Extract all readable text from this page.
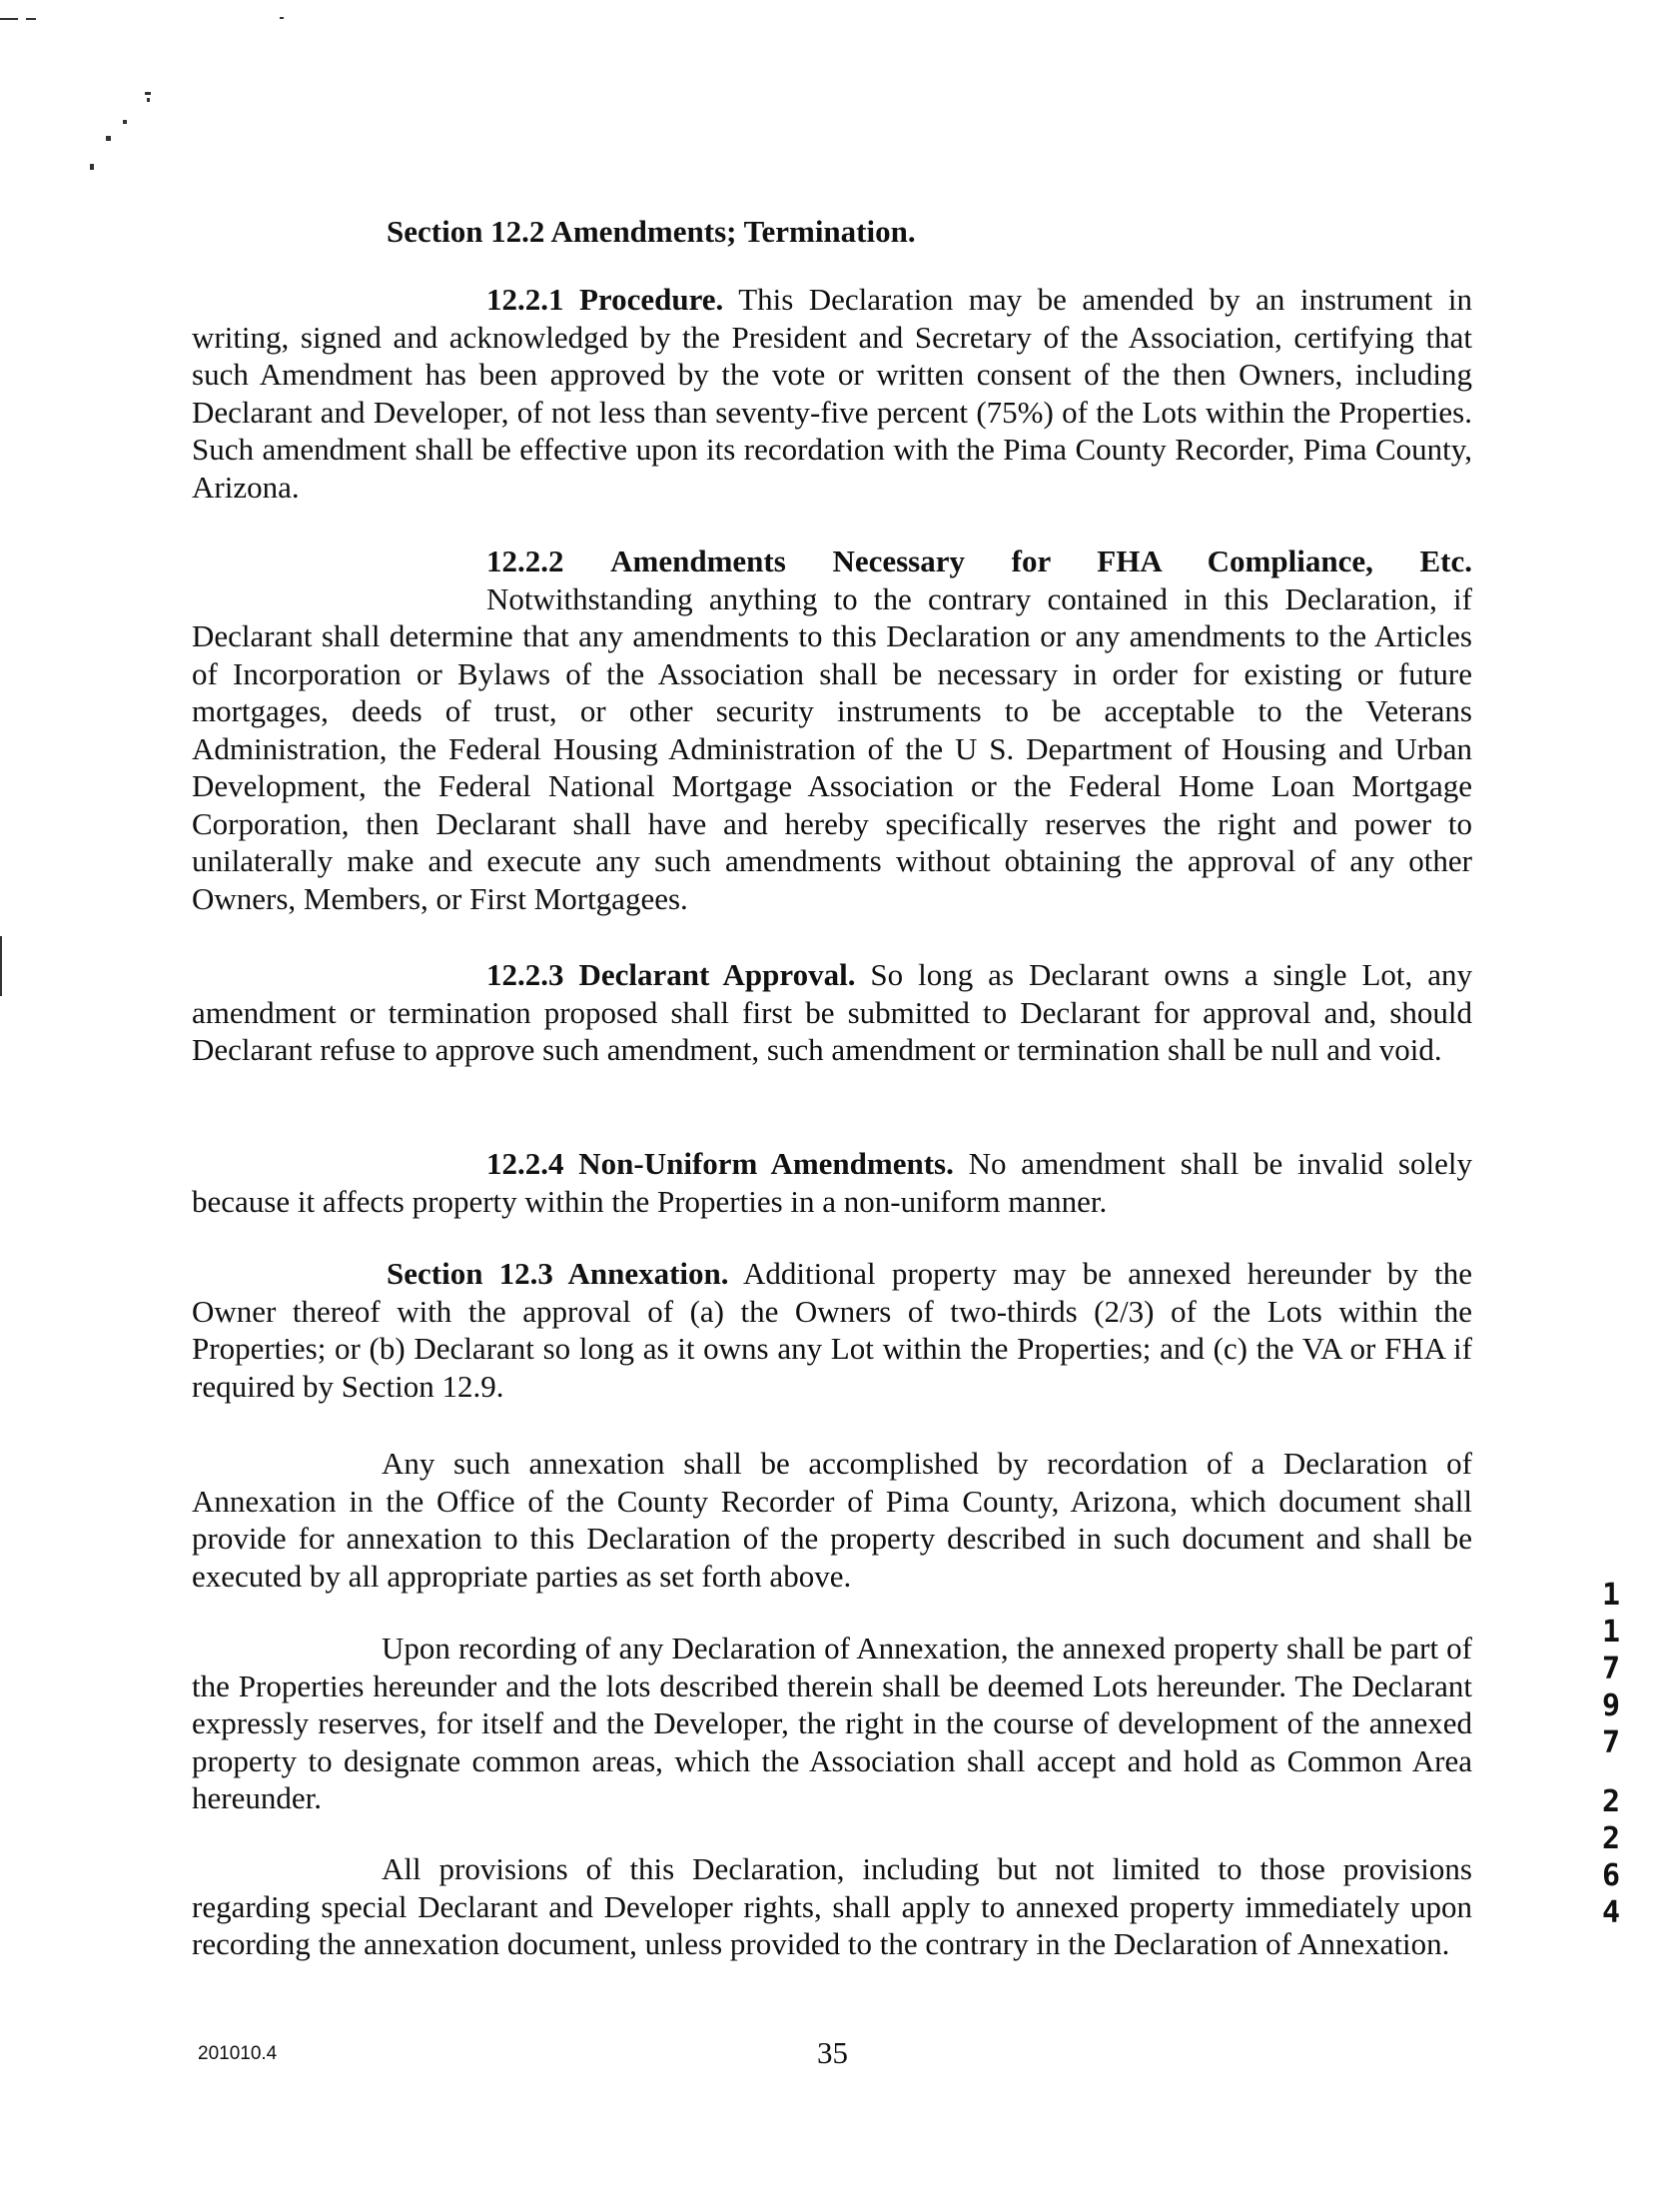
Section 12.2 Amendments; Termination.

12.2.1 Procedure. This Declaration may be amended by an instrument in writing, signed and acknowledged by the President and Secretary of the Association, certifying that such Amendment has been approved by the vote or written consent of the then Owners, including Declarant and Developer, of not less than seventy-five percent (75%) of the Lots within the Properties. Such amendment shall be effective upon its recordation with the Pima County Recorder, Pima County, Arizona.

12.2.2 Amendments Necessary for FHA Compliance, Etc.

Notwithstanding anything to the contrary contained in this Declaration, if Declarant shall determine that any amendments to this Declaration or any amendments to the Articles of Incorporation or Bylaws of the Association shall be necessary in order for existing or future mortgages, deeds of trust, or other security instruments to be acceptable to the Veterans Administration, the Federal Housing Administration of the U S. Department of Housing and Urban Development, the Federal National Mortgage Association or the Federal Home Loan Mortgage Corporation, then Declarant shall have and hereby specifically reserves the right and power to unilaterally make and execute any such amendments without obtaining the approval of any other Owners, Members, or First Mortgagees.

12.2.3 Declarant Approval. So long as Declarant owns a single Lot, any amendment or termination proposed shall first be submitted to Declarant for approval and, should Declarant refuse to approve such amendment, such amendment or termination shall be null and void.

12.2.4 Non-Uniform Amendments. No amendment shall be invalid solely because it affects property within the Properties in a non-uniform manner.

Section 12.3 Annexation. Additional property may be annexed hereunder by the Owner thereof with the approval of (a) the Owners of two-thirds (2/3) of the Lots within the Properties; or (b) Declarant so long as it owns any Lot within the Properties; and (c) the VA or FHA if required by Section 12.9.

Any such annexation shall be accomplished by recordation of a Declaration of Annexation in the Office of the County Recorder of Pima County, Arizona, which document shall provide for annexation to this Declaration of the property described in such document and shall be executed by all appropriate parties as set forth above.

Upon recording of any Declaration of Annexation, the annexed property shall be part of the Properties hereunder and the lots described therein shall be deemed Lots hereunder. The Declarant expressly reserves, for itself and the Developer, the right in the course of development of the annexed property to designate common areas, which the Association shall accept and hold as Common Area hereunder.

All provisions of this Declaration, including but not limited to those provisions regarding special Declarant and Developer rights, shall apply to annexed property immediately upon recording the annexation document, unless provided to the contrary in the Declaration of Annexation.

201010.4	35
1
1
7
9
7
2
2
6
4
